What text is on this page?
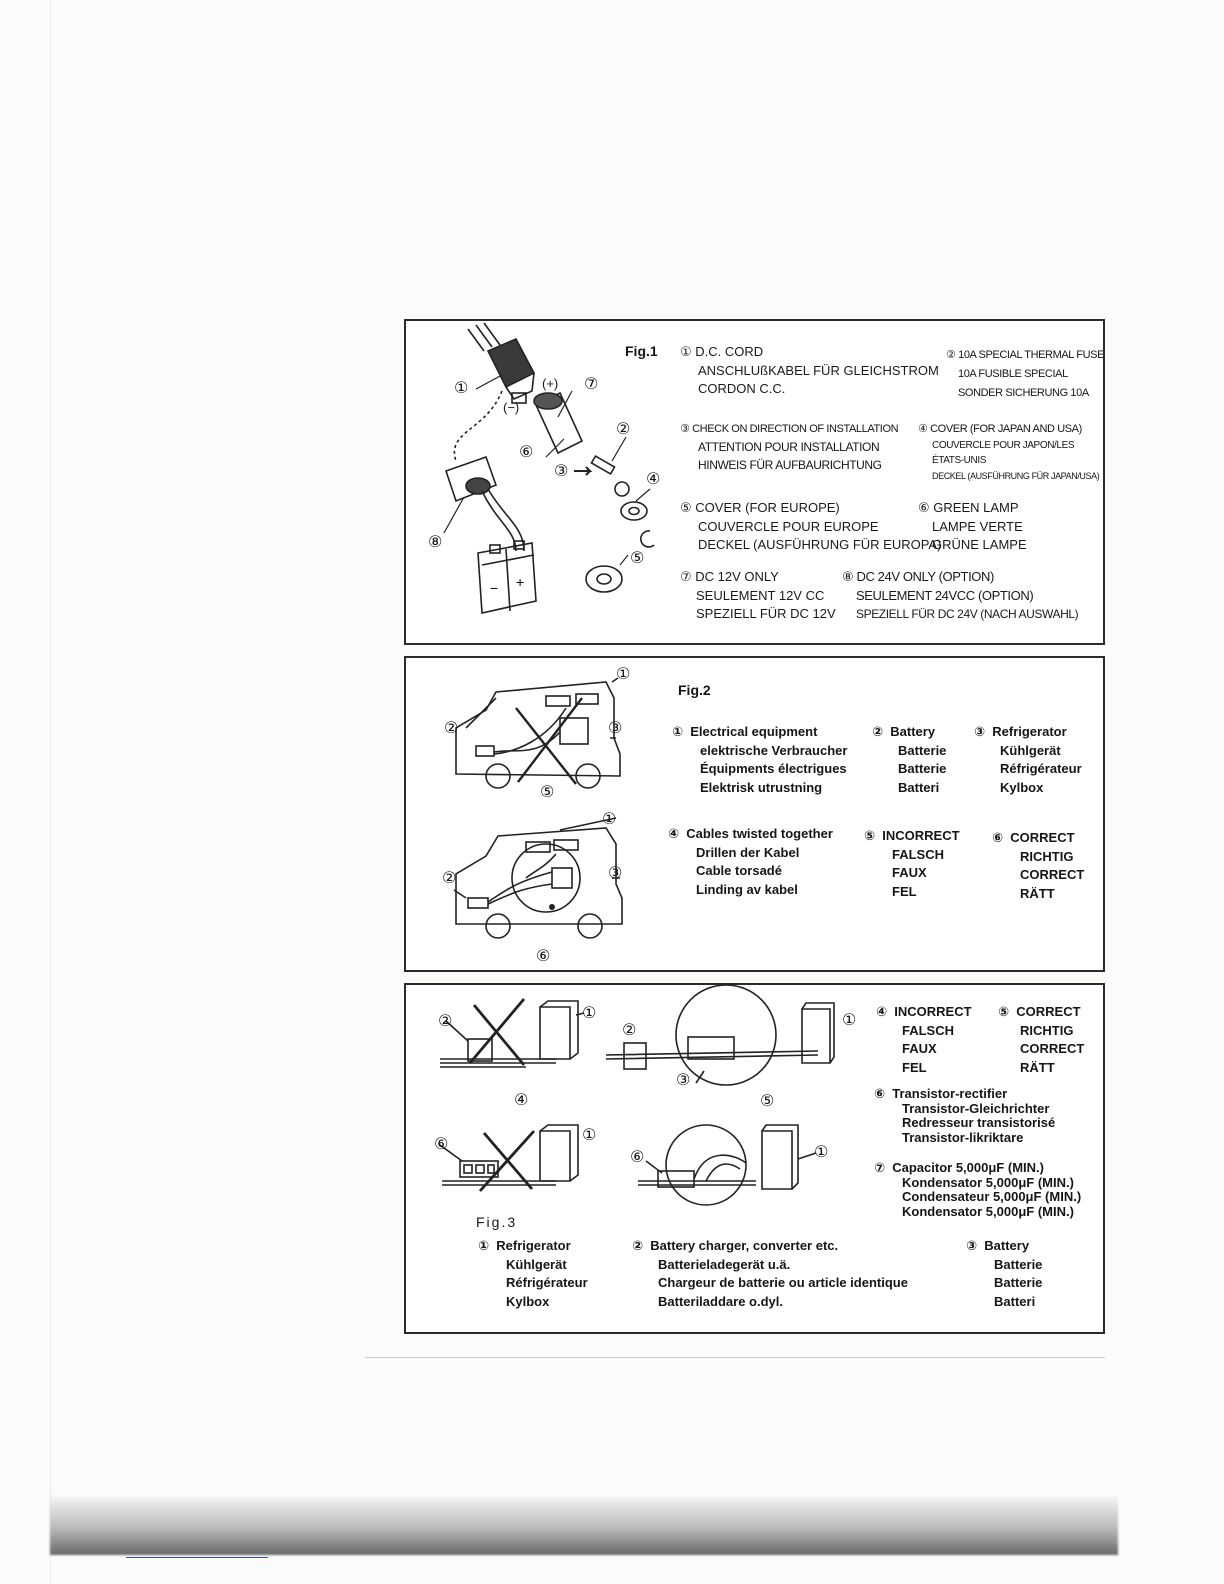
+
−
①	(+)
(−)
⑦
②
⑥
③	④
⑤
⑧
Fig.1 ① D.C. CORD
ANSCHLUßKABEL FÜR GLEICHSTROM
CORDON C.C.
② 10A SPECIAL THERMAL FUSE
10A FUSIBLE SPECIAL
SONDER SICHERUNG 10A
③ CHECK ON DIRECTION OF INSTALLATION
ATTENTION POUR INSTALLATION
HINWEIS FÜR AUFBAURICHTUNG
④ COVER (FOR JAPAN AND USA)
COUVERCLE POUR JAPON/LES
ÉTATS-UNIS
DECKEL (AUSFÜHRUNG FÜR JAPAN/USA)
⑤ COVER (FOR EUROPE)
COUVERCLE POUR EUROPE
DECKEL (AUSFÜHRUNG FÜR EUROPA)
⑥ GREEN LAMP
LAMPE VERTE
GRÜNE LAMPE
⑦ DC 12V ONLY
SEULEMENT 12V CC
SPEZIELL FÜR DC 12V
⑧ DC 24V ONLY (OPTION)
SEULEMENT 24VCC (OPTION)
SPEZIELL FÜR DC 24V (NACH AUSWAHL)
①
②	③
⑤
①
②	③
⑥
Fig.2
① Electrical equipment
elektrische Verbraucher
Équipments électrigues
Elektrisk utrustning
② Battery
Batterie
Batterie
Batteri
③ Refrigerator
Kühlgerät
Réfrigérateur
Kylbox
④ Cables twisted together
Drillen der Kabel
Cable torsadé
Linding av kabel
⑤ INCORRECT
FALSCH
FAUX
FEL
⑥ CORRECT
RICHTIG
CORRECT
RÄTT
②	①
②
①
③
④	⑤
⑥
①
⑥	①
Fig.3
④ INCORRECT
FALSCH
FAUX
FEL
⑤ CORRECT
RICHTIG
CORRECT
RÄTT
⑥ Transistor-rectifier
Transistor-Gleichrichter
Redresseur transistorisé
Transistor-likriktare
⑦ Capacitor 5,000μF (MIN.)
Kondensator 5,000μF (MIN.)
Condensateur 5,000μF (MIN.)
Kondensator 5,000μF (MIN.)
① Refrigerator
Kühlgerät
Réfrigérateur
Kylbox
② Battery charger, converter etc.
Batterieladegerät u.ä.
Chargeur de batterie ou article identique
Batteriladdare o.dyl.
③ Battery
Batterie
Batterie
Batteri
